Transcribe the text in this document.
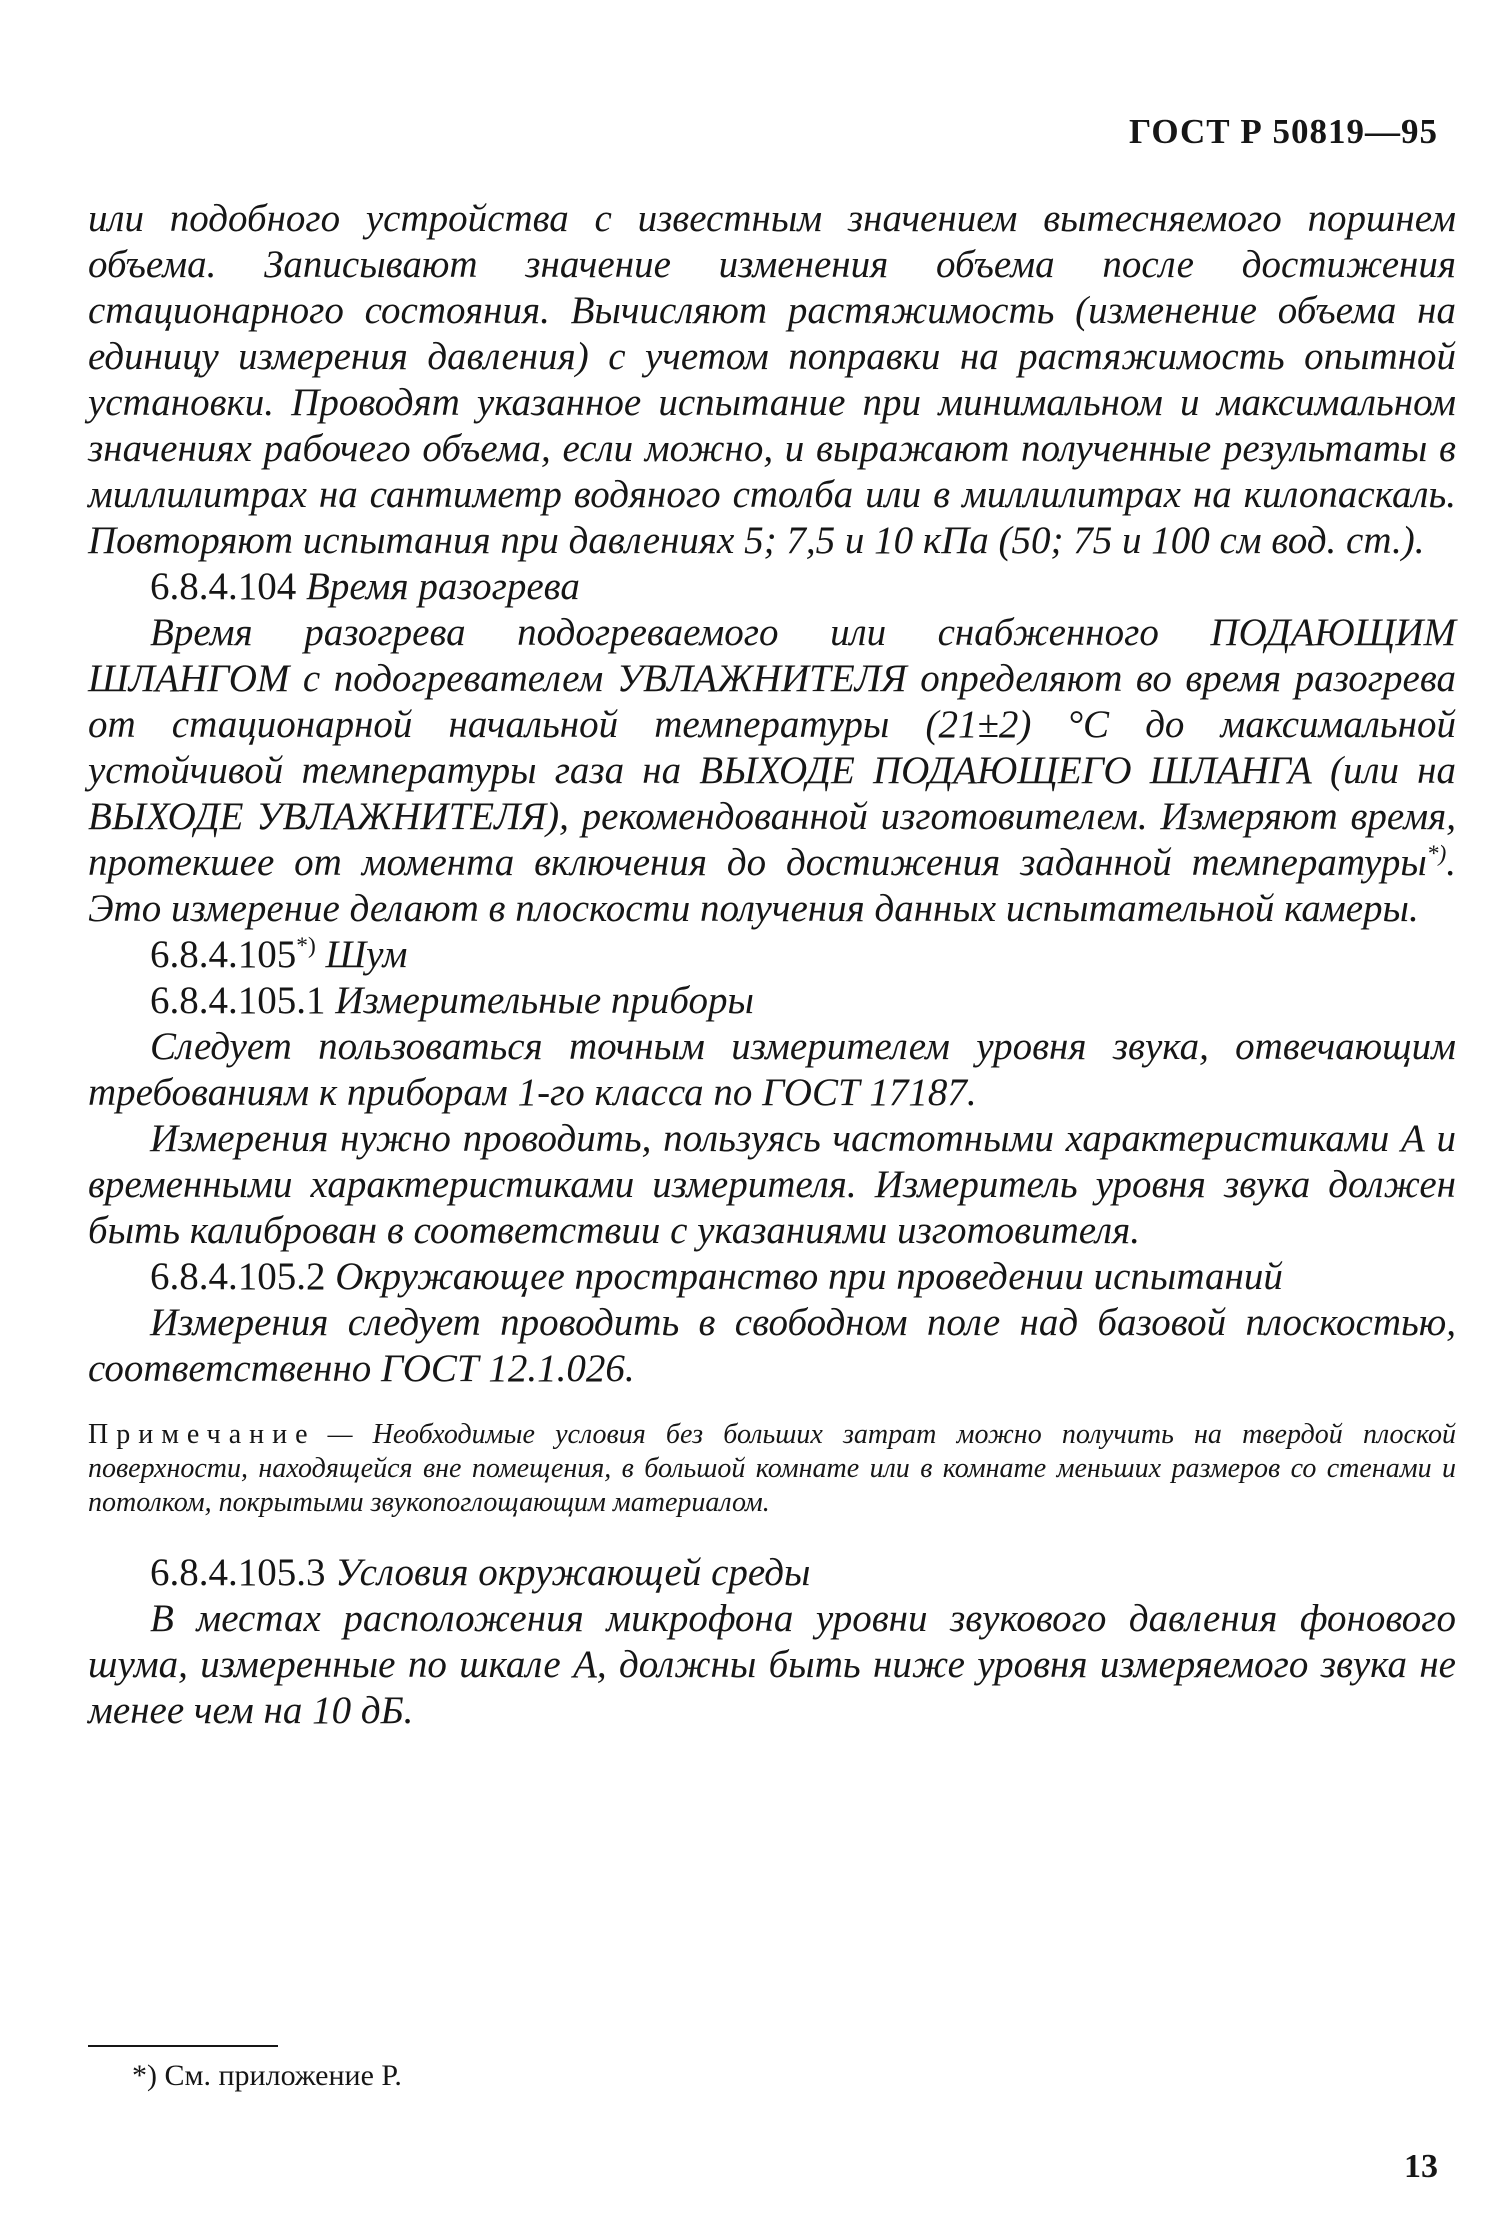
ГОСТ Р 50819—95

или подобного устройства с известным значением вытесняемого поршнем объема. Записывают значение изменения объема после достижения стационарного состояния. Вычисляют растяжимость (изменение объема на единицу измерения давления) с учетом поправки на растяжимость опытной установки. Проводят указанное испытание при минимальном и максимальном значениях рабочего объема, если можно, и выражают полученные результаты в миллилитрах на сантиметр водяного столба или в миллилитрах на килопаскаль. Повторяют испытания при давлениях 5; 7,5 и 10 кПа (50; 75 и 100 см вод. ст.).

6.8.4.104 Время разогрева

Время разогрева подогреваемого или снабженного ПОДАЮЩИМ ШЛАНГОМ с подогревателем УВЛАЖНИТЕЛЯ определяют во время разогрева от стационарной начальной температуры (21±2) °С до максимальной устойчивой температуры газа на ВЫХОДЕ ПОДАЮЩЕГО ШЛАНГА (или на ВЫХОДЕ УВЛАЖНИТЕЛЯ), рекомендованной изготовителем. Измеряют время, протекшее от момента включения до достижения заданной температуры*). Это измерение делают в плоскости получения данных испытательной камеры.

6.8.4.105*) Шум

6.8.4.105.1 Измерительные приборы

Следует пользоваться точным измерителем уровня звука, отвечающим требованиям к приборам 1-го класса по ГОСТ 17187.

Измерения нужно проводить, пользуясь частотными характеристиками А и временными характеристиками измерителя. Измеритель уровня звука должен быть калиброван в соответствии с указаниями изготовителя.

6.8.4.105.2 Окружающее пространство при проведении испытаний

Измерения следует проводить в свободном поле над базовой плоскостью, соответственно ГОСТ 12.1.026.

Примечание — Необходимые условия без больших затрат можно получить на твердой плоской поверхности, находящейся вне помещения, в большой комнате или в комнате меньших размеров со стенами и потолком, покрытыми звукопоглощающим материалом.

6.8.4.105.3 Условия окружающей среды

В местах расположения микрофона уровни звукового давления фонового шума, измеренные по шкале А, должны быть ниже уровня измеряемого звука не менее чем на 10 дБ.

*) См. приложение Р.
13
